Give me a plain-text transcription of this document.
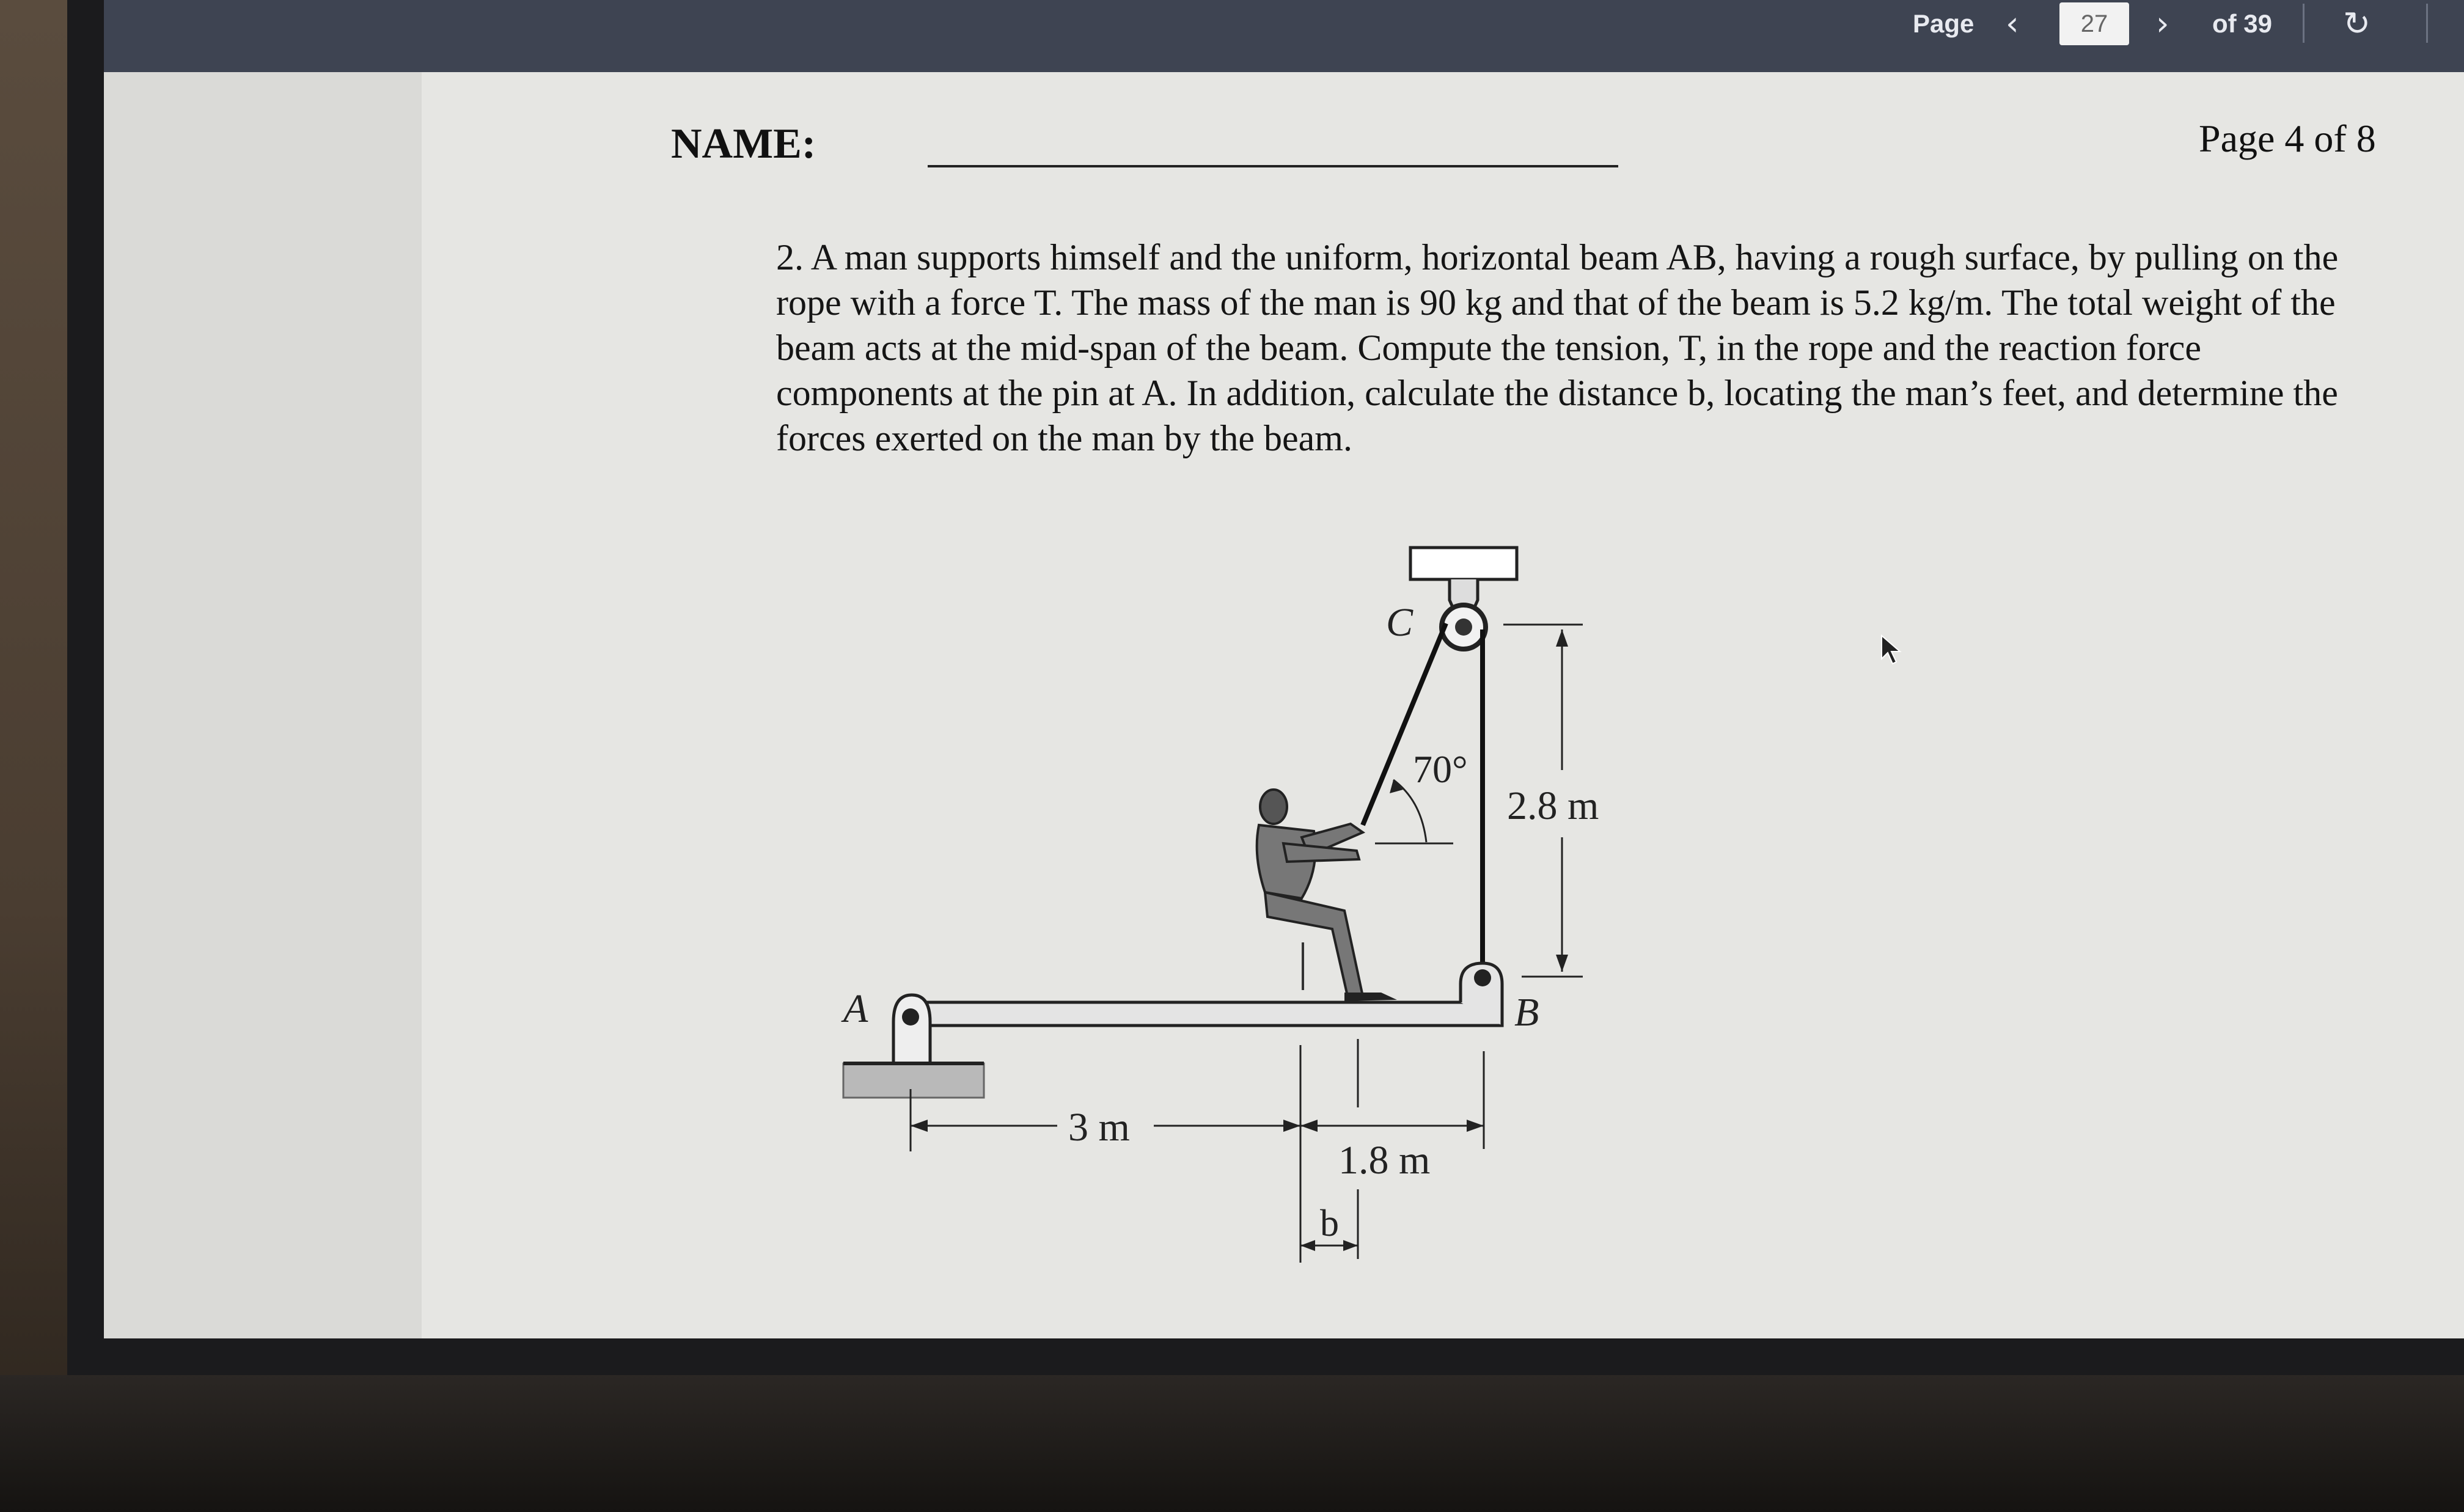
Page ‹	27	› of 39 ↻
NAME:	Page 4 of 8

2. A man supports himself and the uniform, horizontal beam AB, having a rough surface, by pulling on the

rope with a force T. The mass of the man is 90 kg and that of the beam is 5.2 kg/m. The total weight of the

beam acts at the mid-span of the beam. Compute the tension, T, in the rope and the reaction force

components at the pin at A. In addition, calculate the distance b, locating the man’s feet, and determine the

forces exerted on the man by the beam.

C
70°
2.8 m
B
A
3 m
1.8 m
b
